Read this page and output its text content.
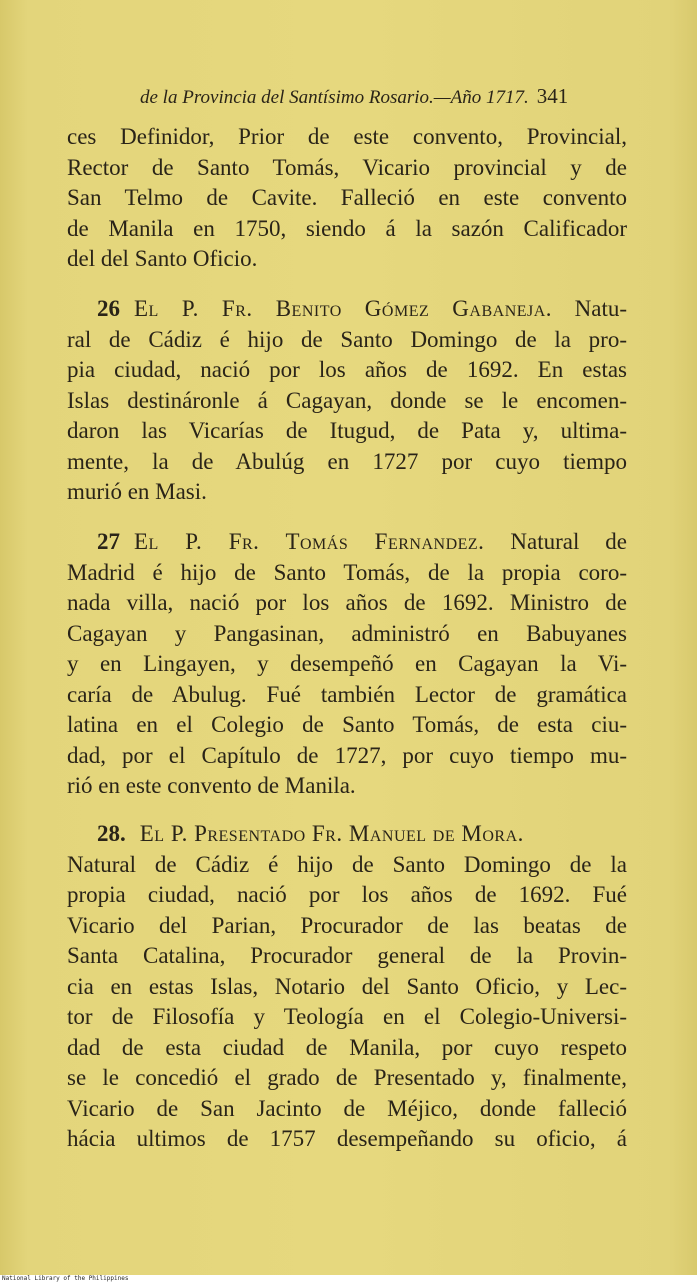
de la Provincia del Santísimo Rosario.—Año 1717. 341
ces Definidor, Prior de este convento, Provincial,
Rector de Santo Tomás, Vicario provincial y de
San Telmo de Cavite. Falleció en este convento
de Manila en 1750, siendo á la sazón Calificador
del del Santo Oficio.
26 El P. Fr. Benito Gómez Gabaneja. Natu-
ral de Cádiz é hijo de Santo Domingo de la pro-
pia ciudad, nació por los años de 1692. En estas
Islas destináronle á Cagayan, donde se le encomen-
daron las Vicarías de Itugud, de Pata y, ultima-
mente, la de Abulúg en 1727 por cuyo tiempo
murió en Masi.
27 El P. Fr. Tomás Fernandez. Natural de
Madrid é hijo de Santo Tomás, de la propia coro-
nada villa, nació por los años de 1692. Ministro de
Cagayan y Pangasinan, administró en Babuyanes
y en Lingayen, y desempeñó en Cagayan la Vi-
caría de Abulug. Fué también Lector de gramática
latina en el Colegio de Santo Tomás, de esta ciu-
dad, por el Capítulo de 1727, por cuyo tiempo mu-
rió en este convento de Manila.
28. El P. Presentado Fr. Manuel de Mora.
Natural de Cádiz é hijo de Santo Domingo de la
propia ciudad, nació por los años de 1692. Fué
Vicario del Parian, Procurador de las beatas de
Santa Catalina, Procurador general de la Provin-
cia en estas Islas, Notario del Santo Oficio, y Lec-
tor de Filosofía y Teología en el Colegio-Universi-
dad de esta ciudad de Manila, por cuyo respeto
se le concedió el grado de Presentado y, finalmente,
Vicario de San Jacinto de Méjico, donde falleció
hácia ultimos de 1757 desempeñando su oficio, á
National Library of the Philippines
